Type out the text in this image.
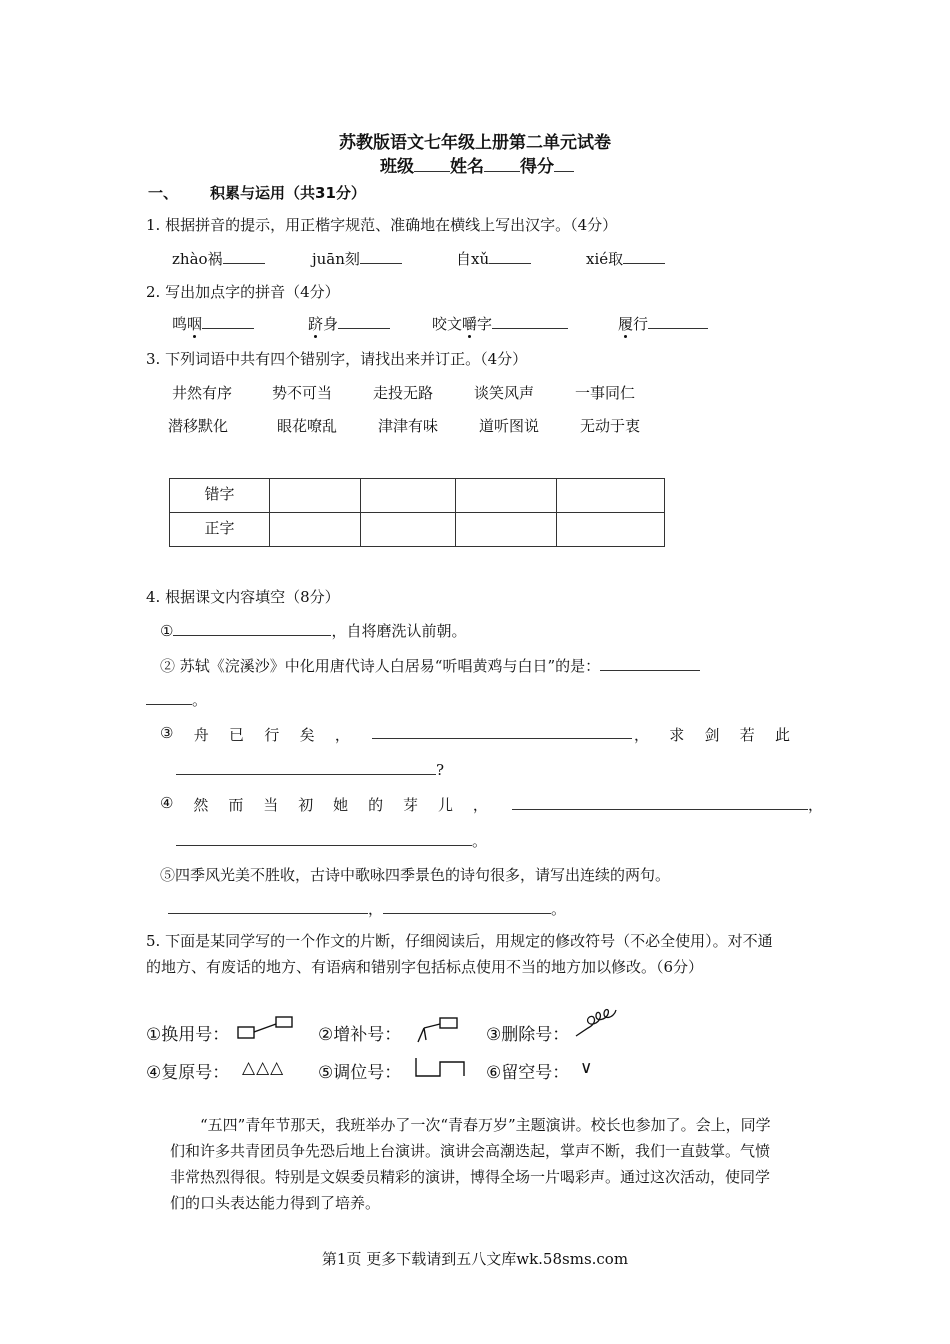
苏教版语文七年级上册第二单元试卷
班级 姓名 得分
一、 积累与运用（共31分）
1. 根据拼音的提示，用正楷字规范、准确地在横线上写出汉字。（4分）
zhào祸	juān刻	自xǔ	xié取
2. 写出加点字的拼音（4分）
鸣咽	跻身	咬文嚼字	履行
3. 下列词语中共有四个错别字，请找出来并订正。（4分）
井然有序	势不可当	走投无路	谈笑风声	一事同仁
潜移默化	眼花嘹乱	津津有味	道听图说	无动于衷
错字				
正字				
4. 根据课文内容填空（8分）
①	，自将磨洗认前朝。
② 苏轼《浣溪沙》中化用唐代诗人白居易“听唱黄鸡与白日”的是：
。
③ 舟 已 行 矣 ，	， 求 剑 若 此
?
④ 然 而 当 初 她 的 芽 儿 ，	，
。
⑤四季风光美不胜收，古诗中歌咏四季景色的诗句很多，请写出连续的两句。
，	。
5. 下面是某同学写的一个作文的片断，仔细阅读后，用规定的修改符号（不必全使用）。对不通的地方、有废话的地方、有语病和错别字包括标点使用不当的地方加以修改。（6分）
①换用号：	②增补号：	③删除号：
④复原号： △△△ ⑤调位号：	⑥留空号： ∨
“五四”青年节那天，我班举办了一次“青春万岁”主题演讲。校长也参加了。会上，同学们和许多共青团员争先恐后地上台演讲。演讲会高潮迭起，掌声不断，我们一直鼓掌。气愤非常热烈得很。特别是文娱委员精彩的演讲，博得全场一片喝彩声。通过这次活动，使同学们的口头表达能力得到了培养。
第1页 更多下载请到五八文库wk.58sms.com
